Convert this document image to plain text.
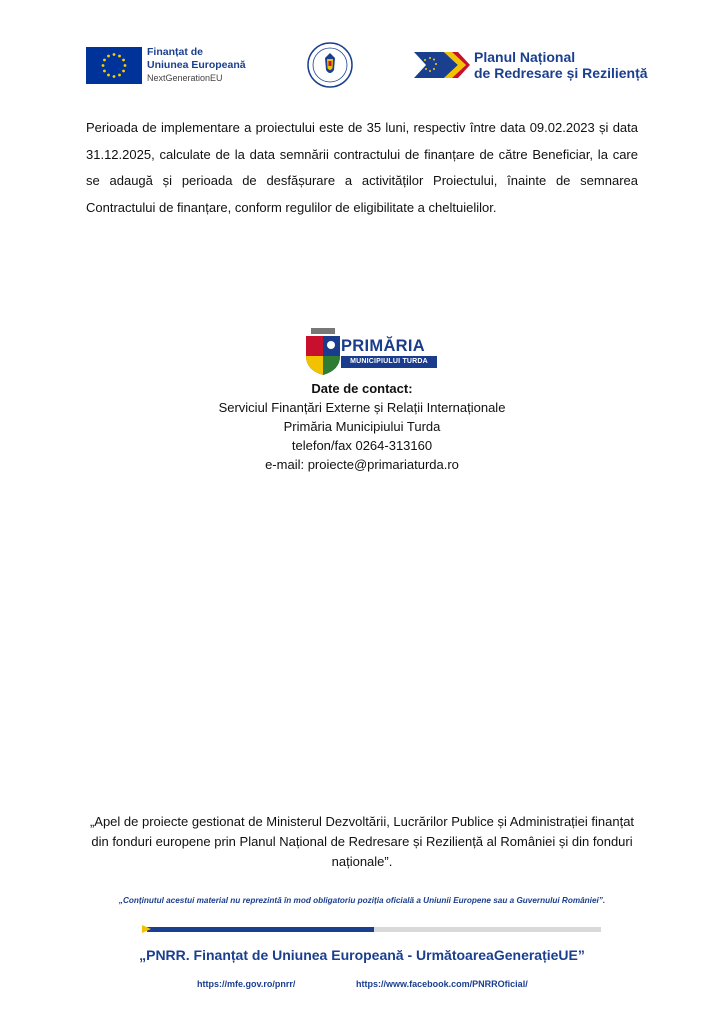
Finanțat de
Uniunea Europeană
NextGenerationEU
Planul Național
de Redresare și Reziliență

Perioada de implementare a proiectului este de 35 luni, respectiv între data 09.02.2023 și data 31.12.2025, calculate de la data semnării contractului de finanțare de către Beneficiar, la care se adaugă și perioada de desfășurare a activităților Proiectului, înainte de semnarea Contractului de finanțare, conform regulilor de eligibilitate a cheltuielilor.

PRIMĂRIA
MUNICIPIULUI TURDA
Date de contact:
Serviciul Finanțări Externe și Relații Internaționale
Primăria Municipiului Turda
telefon/fax 0264-313160
e-mail: proiecte@primariaturda.ro
„Apel de proiecte gestionat de Ministerul Dezvoltării, Lucrărilor Publice și Administrației finanțat din fonduri europene prin Planul Național de Redresare și Reziliență al României și din fonduri naționale”.
„Conținutul acestui material nu reprezintă în mod obligatoriu poziția oficială a Uniunii Europene sau a Guvernului României”.
„PNRR. Finanțat de Uniunea Europeană - UrmătoareaGenerațieUE”
https://mfe.gov.ro/pnrr/	https://www.facebook.com/PNRROficial/
